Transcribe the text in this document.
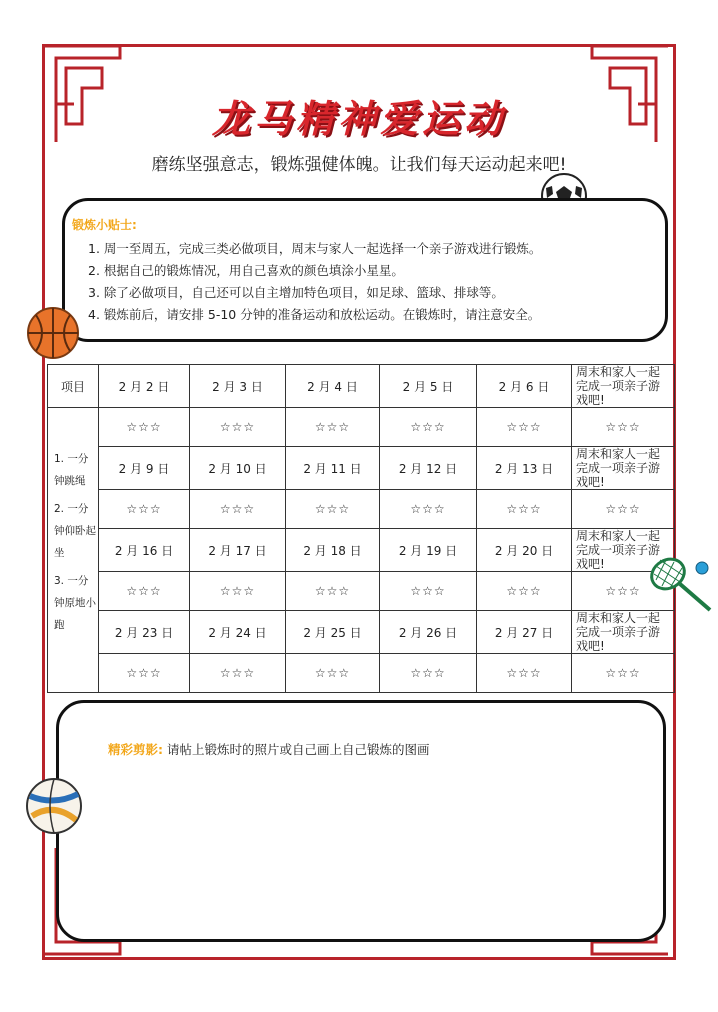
龙马精神爱运动
磨练坚强意志，锻炼强健体魄。让我们每天运动起来吧!
锻炼小贴士:
1. 周一至周五，完成三类必做项目，周末与家人一起选择一个亲子游戏进行锻炼。
2. 根据自己的锻炼情况，用自己喜欢的颜色填涂小星星。
3. 除了必做项目，自己还可以自主增加特色项目，如足球、篮球、排球等。
4. 锻炼前后，请安排 5-10 分钟的准备运动和放松运动。在锻炼时，请注意安全。
项目	2 月 2 日	2 月 3 日	2 月 4 日	2 月 5 日	2 月 6 日	周末和家人一起完成一项亲子游戏吧!

1. 一分钟跳绳
2. 一分钟仰卧起坐
3. 一分钟原地小跑	☆☆☆	☆☆☆	☆☆☆	☆☆☆	☆☆☆	☆☆☆
	2 月 9 日	2 月 10 日	2 月 11 日	2 月 12 日	2 月 13 日	周末和家人一起完成一项亲子游戏吧!
	☆☆☆	☆☆☆	☆☆☆	☆☆☆	☆☆☆	☆☆☆
	2 月 16 日	2 月 17 日	2 月 18 日	2 月 19 日	2 月 20 日	周末和家人一起完成一项亲子游戏吧!
	☆☆☆	☆☆☆	☆☆☆	☆☆☆	☆☆☆	☆☆☆
	2 月 23 日	2 月 24 日	2 月 25 日	2 月 26 日	2 月 27 日	周末和家人一起完成一项亲子游戏吧!
	☆☆☆	☆☆☆	☆☆☆	☆☆☆	☆☆☆	☆☆☆
精彩剪影: 请帖上锻炼时的照片或自己画上自己锻炼的图画
